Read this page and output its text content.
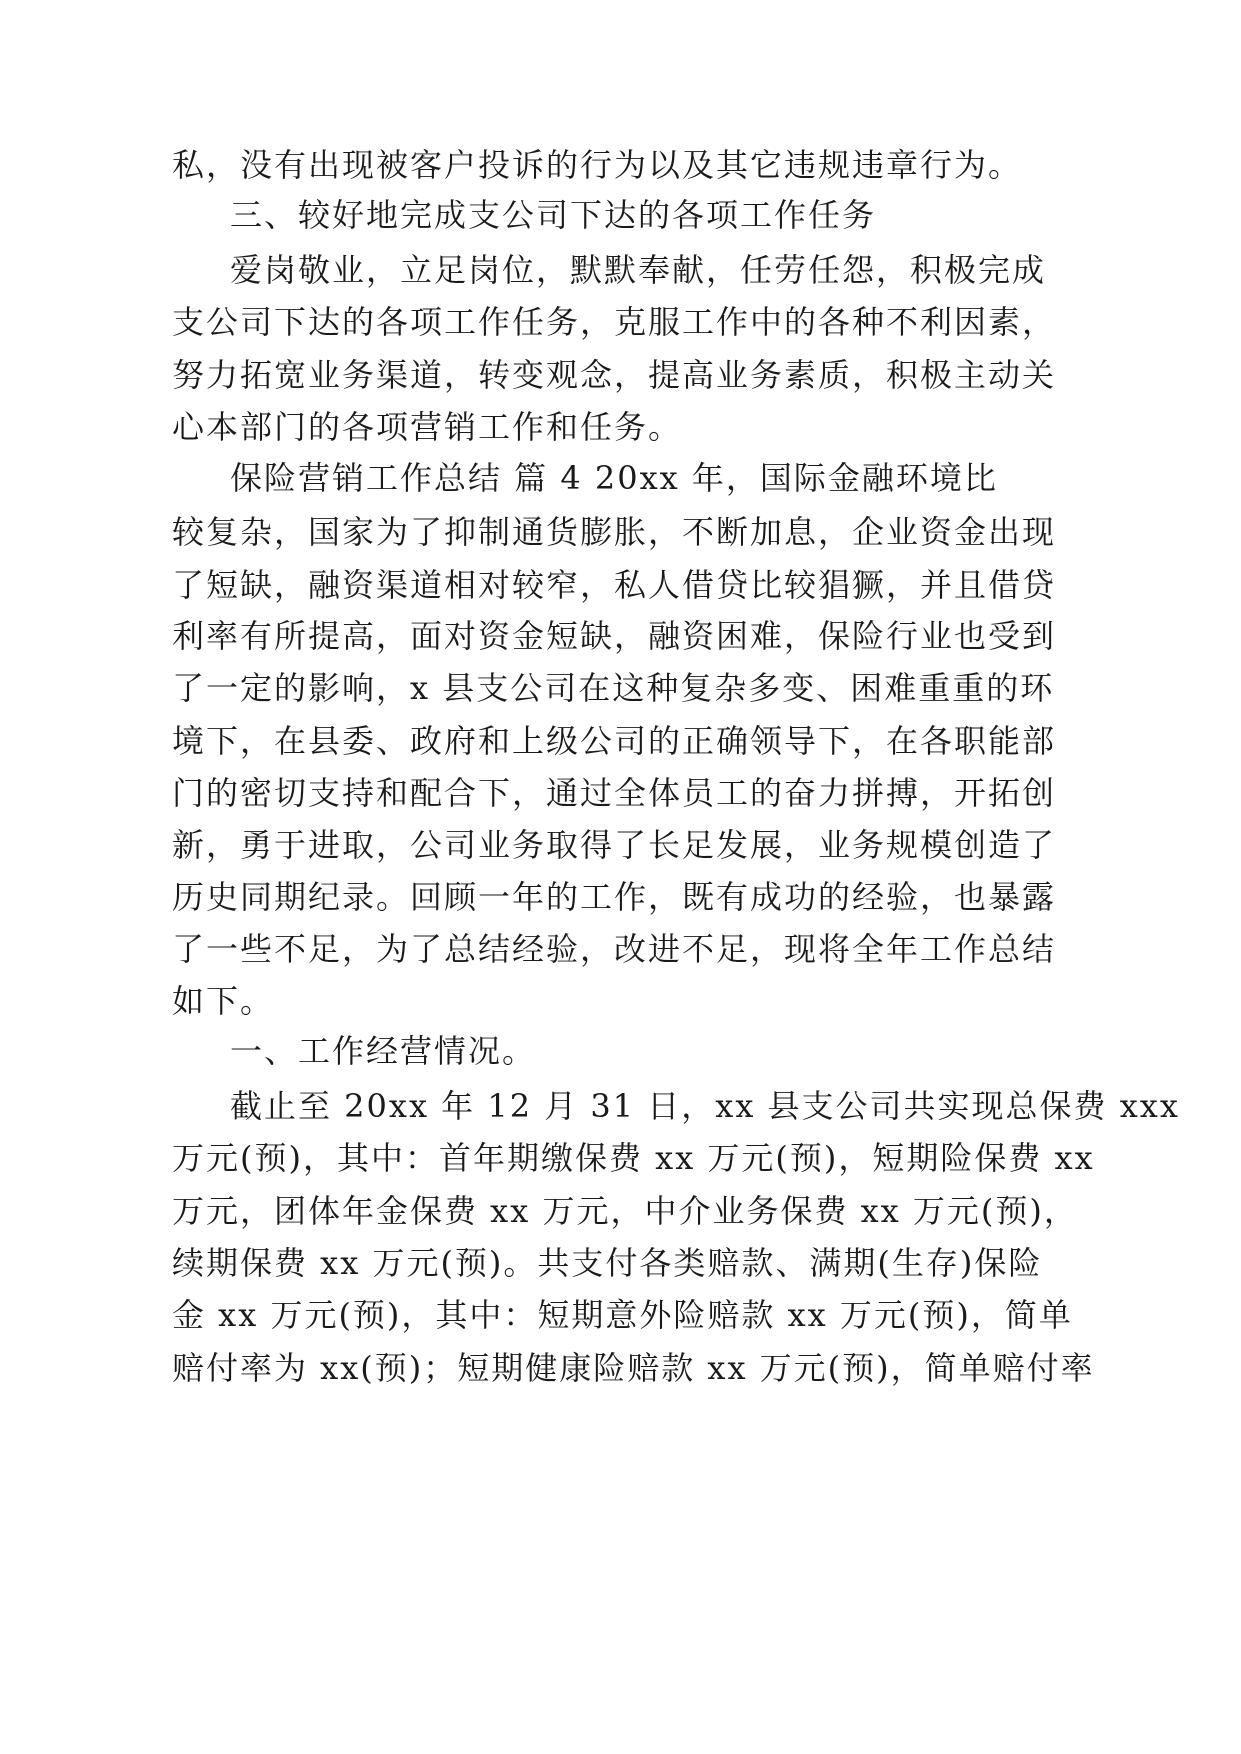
私，没有出现被客户投诉的行为以及其它违规违章行为。
三、较好地完成支公司下达的各项工作任务
爱岗敬业，立足岗位，默默奉献，任劳任怨，积极完成
支公司下达的各项工作任务，克服工作中的各种不利因素，
努力拓宽业务渠道，转变观念，提高业务素质，积极主动关
心本部门的各项营销工作和任务。
保险营销工作总结 篇 4 20xx 年，国际金融环境比
较复杂，国家为了抑制通货膨胀，不断加息，企业资金出现
了短缺，融资渠道相对较窄，私人借贷比较猖獗，并且借贷
利率有所提高，面对资金短缺，融资困难，保险行业也受到
了一定的影响，x 县支公司在这种复杂多变、困难重重的环
境下，在县委、政府和上级公司的正确领导下，在各职能部
门的密切支持和配合下，通过全体员工的奋力拼搏，开拓创
新，勇于进取，公司业务取得了长足发展，业务规模创造了
历史同期纪录。回顾一年的工作，既有成功的经验，也暴露
了一些不足，为了总结经验，改进不足，现将全年工作总结
如下。
一、工作经营情况。
截止至 20xx 年 12 月 31 日，xx 县支公司共实现总保费 xxx
万元(预)，其中：首年期缴保费 xx 万元(预)，短期险保费 xx
万元，团体年金保费 xx 万元，中介业务保费 xx 万元(预)，
续期保费 xx 万元(预)。共支付各类赔款、满期(生存)保险
金 xx 万元(预)，其中：短期意外险赔款 xx 万元(预)，简单
赔付率为 xx(预)；短期健康险赔款 xx 万元(预)，简单赔付率
